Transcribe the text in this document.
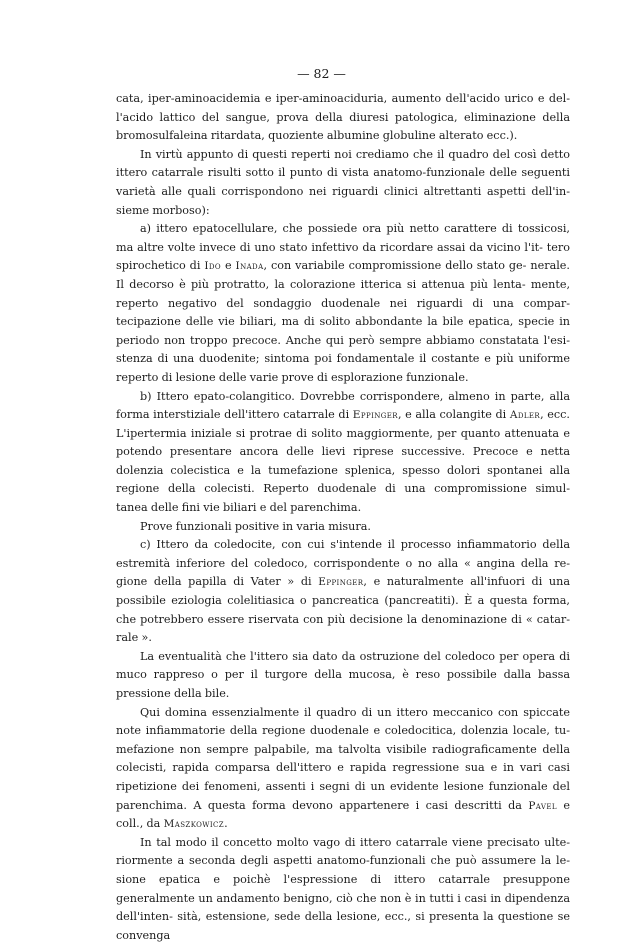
— 82 —

cata, iper-aminoacidemia e iper-aminoaciduria, aumento dell'acido urico e del- l'acido lattico del sangue, prova della diuresi patologica, eliminazione della

bromosulfaleina ritardata, quoziente albumine globuline alterato ecc.).

In virtù appunto di questi reperti noi crediamo che il quadro del così detto ittero catarrale risulti sotto il punto di vista anatomo-funzionale delle seguenti varietà alle quali corrispondono nei riguardi clinici altrettanti aspetti dell'in-

sieme morboso):

a) ittero epatocellulare, che possiede ora più netto carattere di tossicosi, ma altre volte invece di uno stato infettivo da ricordare assai da vicino l'it- tero spirochetico di Ido e Inada, con variabile compromissione dello stato ge- nerale. Il decorso è più protratto, la colorazione itterica si attenua più lenta- mente, reperto negativo del sondaggio duodenale nei riguardi di una compar- tecipazione delle vie biliari, ma di solito abbondante la bile epatica, specie in periodo non troppo precoce. Anche qui però sempre abbiamo constatata l'esi- stenza di una duodenite; sintoma poi fondamentale il costante e più uniforme

reperto di lesione delle varie prove di esplorazione funzionale.

b) Ittero epato-colangitico. Dovrebbe corrispondere, almeno in parte, alla forma interstiziale dell'ittero catarrale di Eppinger, e alla colangite di Adler, ecc. L'ipertermia iniziale si protrae di solito maggiormente, per quanto attenuata e potendo presentare ancora delle lievi riprese successive. Precoce e netta dolenzia colecistica e la tumefazione splenica, spesso dolori spontanei alla regione della colecisti. Reperto duodenale di una compromissione simul-

tanea delle fini vie biliari e del parenchima.

Prove funzionali positive in varia misura.

c) Ittero da coledocite, con cui s'intende il processo infiammatorio della estremità inferiore del coledoco, corrispondente o no alla « angina della re- gione della papilla di Vater » di Eppinger, e naturalmente all'infuori di una possibile eziologia colelitiasica o pancreatica (pancreatiti). È a questa forma, che potrebbero essere riservata con più decisione la denominazione di « catar-

rale ».

La eventualità che l'ittero sia dato da ostruzione del coledoco per opera di muco rappreso o per il turgore della mucosa, è reso possibile dalla bassa

pressione della bile.

Qui domina essenzialmente il quadro di un ittero meccanico con spiccate note infiammatorie della regione duodenale e coledocitica, dolenzia locale, tu- mefazione non sempre palpabile, ma talvolta visibile radiograficamente della colecisti, rapida comparsa dell'ittero e rapida regressione sua e in vari casi ripetizione dei fenomeni, assenti i segni di un evidente lesione funzionale del parenchima. A questa forma devono appartenere i casi descritti da Pavel e

coll., da Maszkowicz.

In tal modo il concetto molto vago di ittero catarrale viene precisato ulte- riormente a seconda degli aspetti anatomo-funzionali che può assumere la le- sione epatica e poichè l'espressione di ittero catarrale presuppone generalmente un andamento benigno, ciò che non è in tutti i casi in dipendenza dell'inten- sità, estensione, sede della lesione, ecc., si presenta la questione se convenga
